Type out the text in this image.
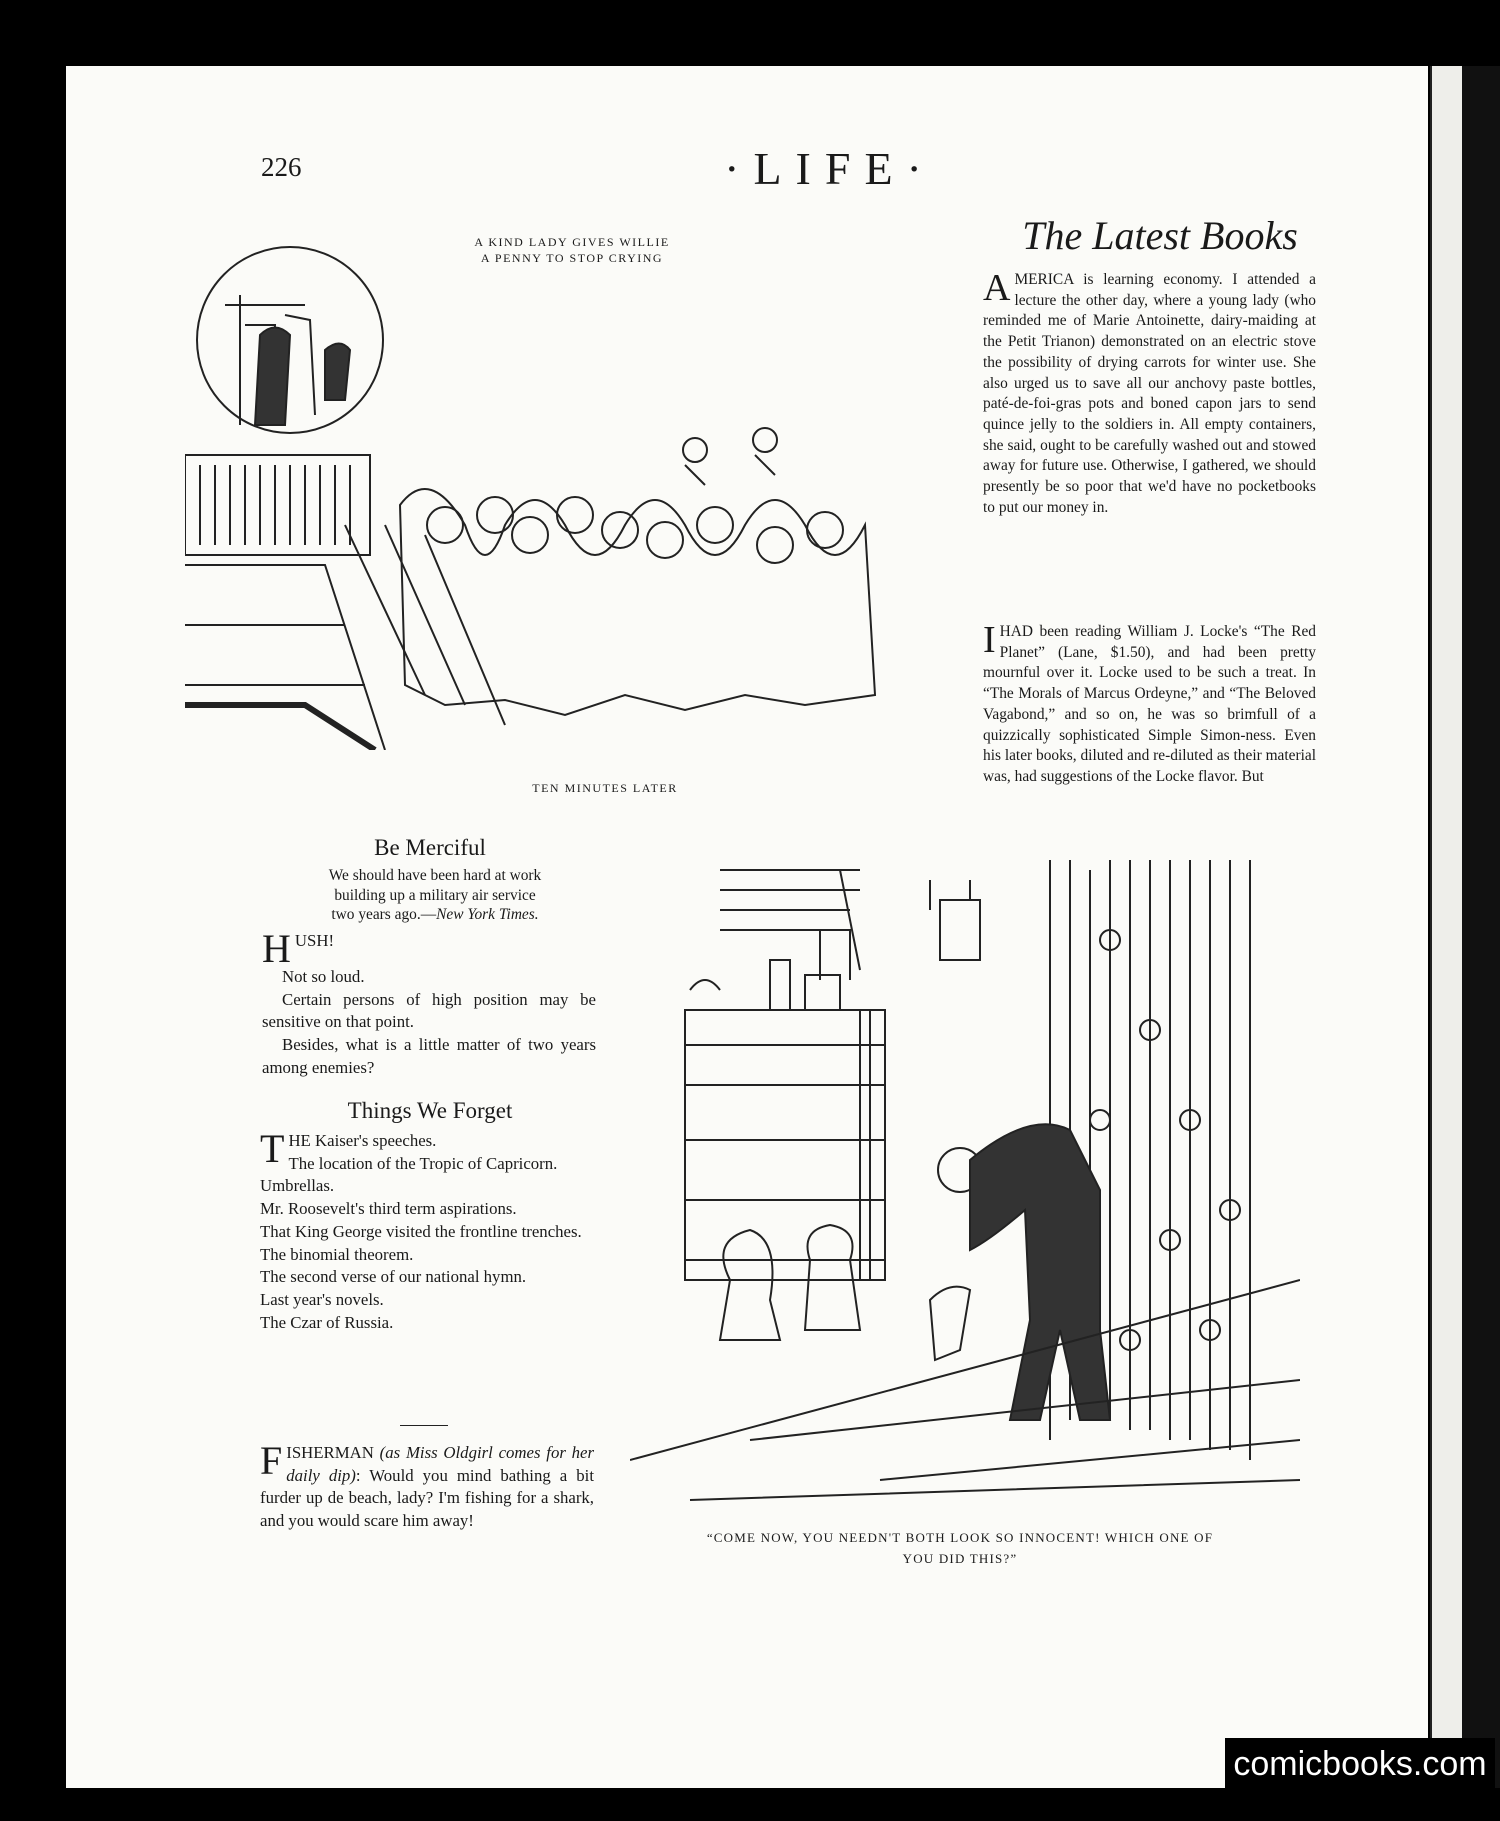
226	·LIFE·
A KIND LADY GIVES WILLIE
A PENNY TO STOP CRYING
TEN MINUTES LATER
The Latest Books

AMERICA is learning economy. I attended a lecture the other day, where a young lady (who reminded me of Marie Antoinette, dairy-maiding at the Petit Trianon) demonstrated on an electric stove the possibility of drying carrots for winter use. She also urged us to save all our anchovy paste bottles, paté-de-foi-gras pots and boned capon jars to send quince jelly to the soldiers in. All empty containers, she said, ought to be carefully washed out and stowed away for future use. Otherwise, I gathered, we should presently be so poor that we'd have no pocketbooks to put our money in.

IHAD been reading William J. Locke's “The Red Planet” (Lane, $1.50), and had been pretty mournful over it. Locke used to be such a treat. In “The Morals of Marcus Ordeyne,” and “The Beloved Vagabond,” and so on, he was so brimfull of a quizzically sophisticated Simple Simon-ness. Even his later books, diluted and re-diluted as their material was, had suggestions of the Locke flavor. But

Be Merciful
We should have been hard at work
building up a military air service
two years ago.—New York Times.

HUSH!

Not so loud.

Certain persons of high position may be sensitive on that point.

Besides, what is a little matter of two years among enemies?

Things We Forget

THE Kaiser's speeches.

The location of the Tropic of Capricorn.

Umbrellas.

Mr. Roosevelt's third term aspirations.

That King George visited the frontline trenches.

The binomial theorem.

The second verse of our national hymn.

Last year's novels.

The Czar of Russia.

FISHERMAN (as Miss Oldgirl comes for her daily dip): Would you mind bathing a bit furder up de beach, lady? I'm fishing for a shark, and you would scare him away!

“COME NOW, YOU NEEDN'T BOTH LOOK SO INNOCENT! WHICH ONE OF
YOU DID THIS?”
comicbooks.com
